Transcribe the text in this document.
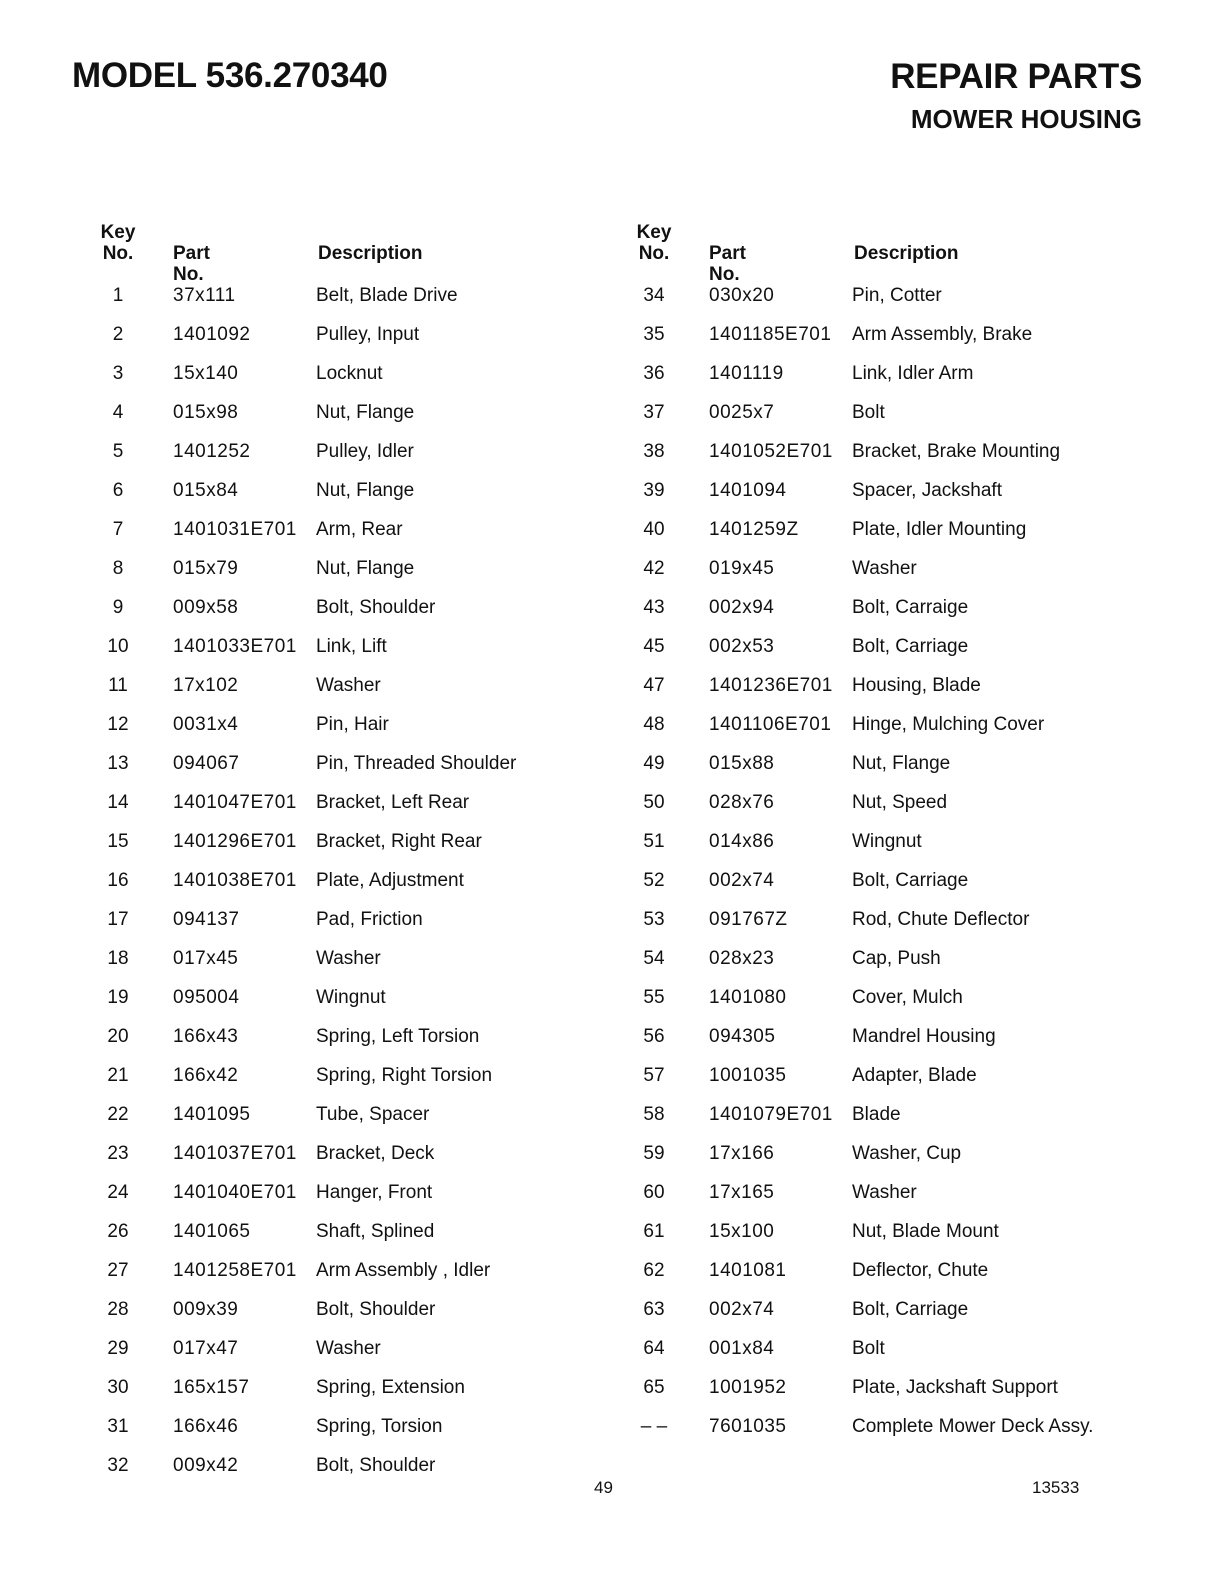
MODEL 536.270340	REPAIR PARTS
MOWER HOUSING
Key
No.	Part No.
Description
1	37x111	Belt, Blade Drive
2	1401092	Pulley, Input
3	15x140	Locknut
4	015x98	Nut, Flange
5	1401252	Pulley, Idler
6	015x84	Nut, Flange
7	1401031E701 Arm, Rear
8	015x79	Nut, Flange
9	009x58	Bolt, Shoulder
10	1401033E701 Link, Lift
11	17x102	Washer
12	0031x4	Pin, Hair
13	094067	Pin, Threaded Shoulder
14	1401047E701 Bracket, Left Rear
15	1401296E701 Bracket, Right Rear
16	1401038E701 Plate, Adjustment
17	094137	Pad, Friction
18	017x45	Washer
19	095004	Wingnut
20	166x43	Spring, Left Torsion
21	166x42	Spring, Right Torsion
22	1401095	Tube, Spacer
23	1401037E701 Bracket, Deck
24	1401040E701 Hanger, Front
26	1401065	Shaft, Splined
27	1401258E701 Arm Assembly , Idler
28	009x39	Bolt, Shoulder
29	017x47	Washer
30	165x157	Spring, Extension
31	166x46	Spring, Torsion
32	009x42	Bolt, Shoulder
Key
No.	Part No.
Description
34	030x20	Pin, Cotter
35	1401185E701 Arm Assembly, Brake
36	1401119	Link, Idler Arm
37	0025x7	Bolt
38	1401052E701 Bracket, Brake Mounting
39	1401094	Spacer, Jackshaft
40	1401259Z	Plate, Idler Mounting
42	019x45	Washer
43	002x94	Bolt, Carraige
45	002x53	Bolt, Carriage
47	1401236E701 Housing, Blade
48	1401106E701 Hinge, Mulching Cover
49	015x88	Nut, Flange
50	028x76	Nut, Speed
51	014x86	Wingnut
52	002x74	Bolt, Carriage
53	091767Z	Rod, Chute Deflector
54	028x23	Cap, Push
55	1401080	Cover, Mulch
56	094305	Mandrel Housing
57	1001035	Adapter, Blade
58	1401079E701 Blade
59	17x166	Washer, Cup
60	17x165	Washer
61	15x100	Nut, Blade Mount
62	1401081	Deflector, Chute
63	002x74	Bolt, Carriage
64	001x84	Bolt
65	1001952	Plate, Jackshaft Support
– –	7601035	Complete Mower Deck Assy.
49	13533
